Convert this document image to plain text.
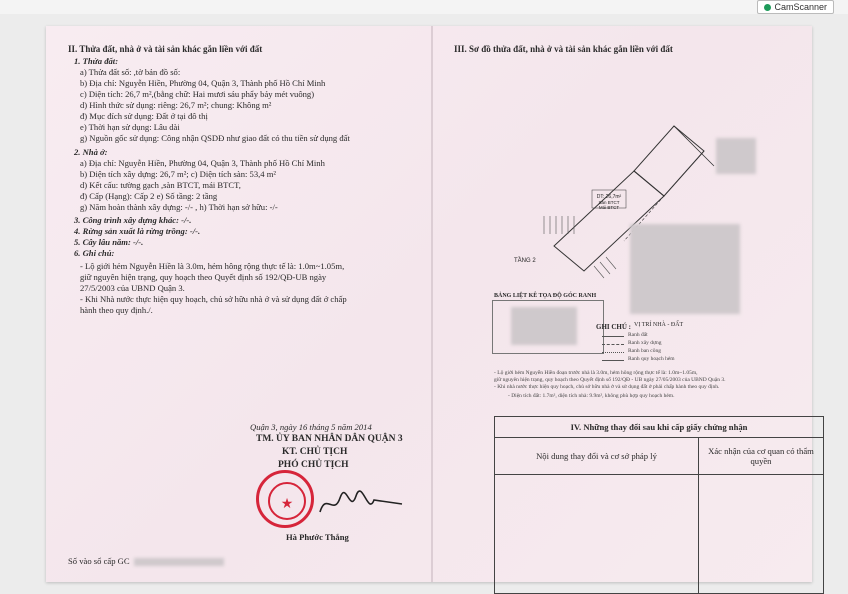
CamScanner
II. Thửa đất, nhà ở và tài sản khác gắn liền với đất
1. Thửa đất:
a) Thửa đất số: ,tờ bản đồ số:
b) Địa chỉ: Nguyễn Hiền, Phường 04, Quận 3, Thành phố Hồ Chí Minh
c) Diện tích: 26,7 m²,(bằng chữ: Hai mươi sáu phẩy bảy mét vuông)
d) Hình thức sử dụng: riêng: 26,7 m²; chung: Không m²
đ) Mục đích sử dụng: Đất ở tại đô thị
e) Thời hạn sử dụng: Lâu dài
g) Nguồn gốc sử dụng: Công nhận QSDĐ như giao đất có thu tiền sử dụng đất
2. Nhà ở:
a) Địa chỉ: Nguyễn Hiền, Phường 04, Quận 3, Thành phố Hồ Chí Minh
b) Diện tích xây dựng: 26,7 m²; c) Diện tích sàn: 53,4 m²
d) Kết cấu: tường gạch ,sàn BTCT, mái BTCT,
đ) Cấp (Hạng): Cấp 2 e) Số tầng: 2 tầng
g) Năm hoàn thành xây dựng: -/- , h) Thời hạn sở hữu: -/-
3. Công trình xây dựng khác: -/-.
4. Rừng sản xuất là rừng trồng: -/-.
5. Cây lâu năm: -/-.
6. Ghi chú:
- Lộ giới hẻm Nguyễn Hiền là 3.0m, hẻm hông rộng thực tế là: 1.0m~1.05m,
giữ nguyên hiện trạng, quy hoạch theo Quyết định số 192/QĐ-UB ngày
27/5/2003 của UBND Quận 3.
- Khi Nhà nước thực hiện quy hoạch, chủ sở hữu nhà ở và sử dụng đất ở chấp
hành theo quy định./.
Quận 3, ngày 16 tháng 5 năm 2014
TM. ỦY BAN NHÂN DÂN QUẬN 3
KT. CHỦ TỊCH
PHÓ CHỦ TỊCH
★
Hà Phước Thắng
Số vào sổ cấp GC
III. Sơ đồ thửa đất, nhà ở và tài sản khác gắn liền với đất
DT: 26,7m²
Sàn BTCT
Mái BTCT
TẦNG 2
BẢNG LIỆT KÊ TỌA ĐỘ GÓC RANH
VỊ TRÍ NHÀ - ĐẤT
GHI CHÚ :
Ranh đất
Ranh xây dựng
Ranh ban công
Ranh quy hoạch hẻm
- Lộ giới hẻm Nguyễn Hiền đoạn trước nhà là 3.0m, hẻm hông rộng thực tế là: 1.0m~1.05m,
giữ nguyên hiện trạng, quy hoạch theo Quyết định số 192/QĐ - UB ngày 27/05/2003 của UBND Quận 3.
- Khi nhà nước thực hiện quy hoạch, chủ sở hữu nhà ở và sử dụng đất ở phải chấp hành theo quy định.
- Diện tích đất: 1.7m², diện tích nhà: 9.9m², không phù hợp quy hoạch hẻm.
IV. Những thay đổi sau khi cấp giấy chứng nhận	
Nội dung thay đổi và cơ sở pháp lý	Xác nhận của cơ quan có thẩm quyền
